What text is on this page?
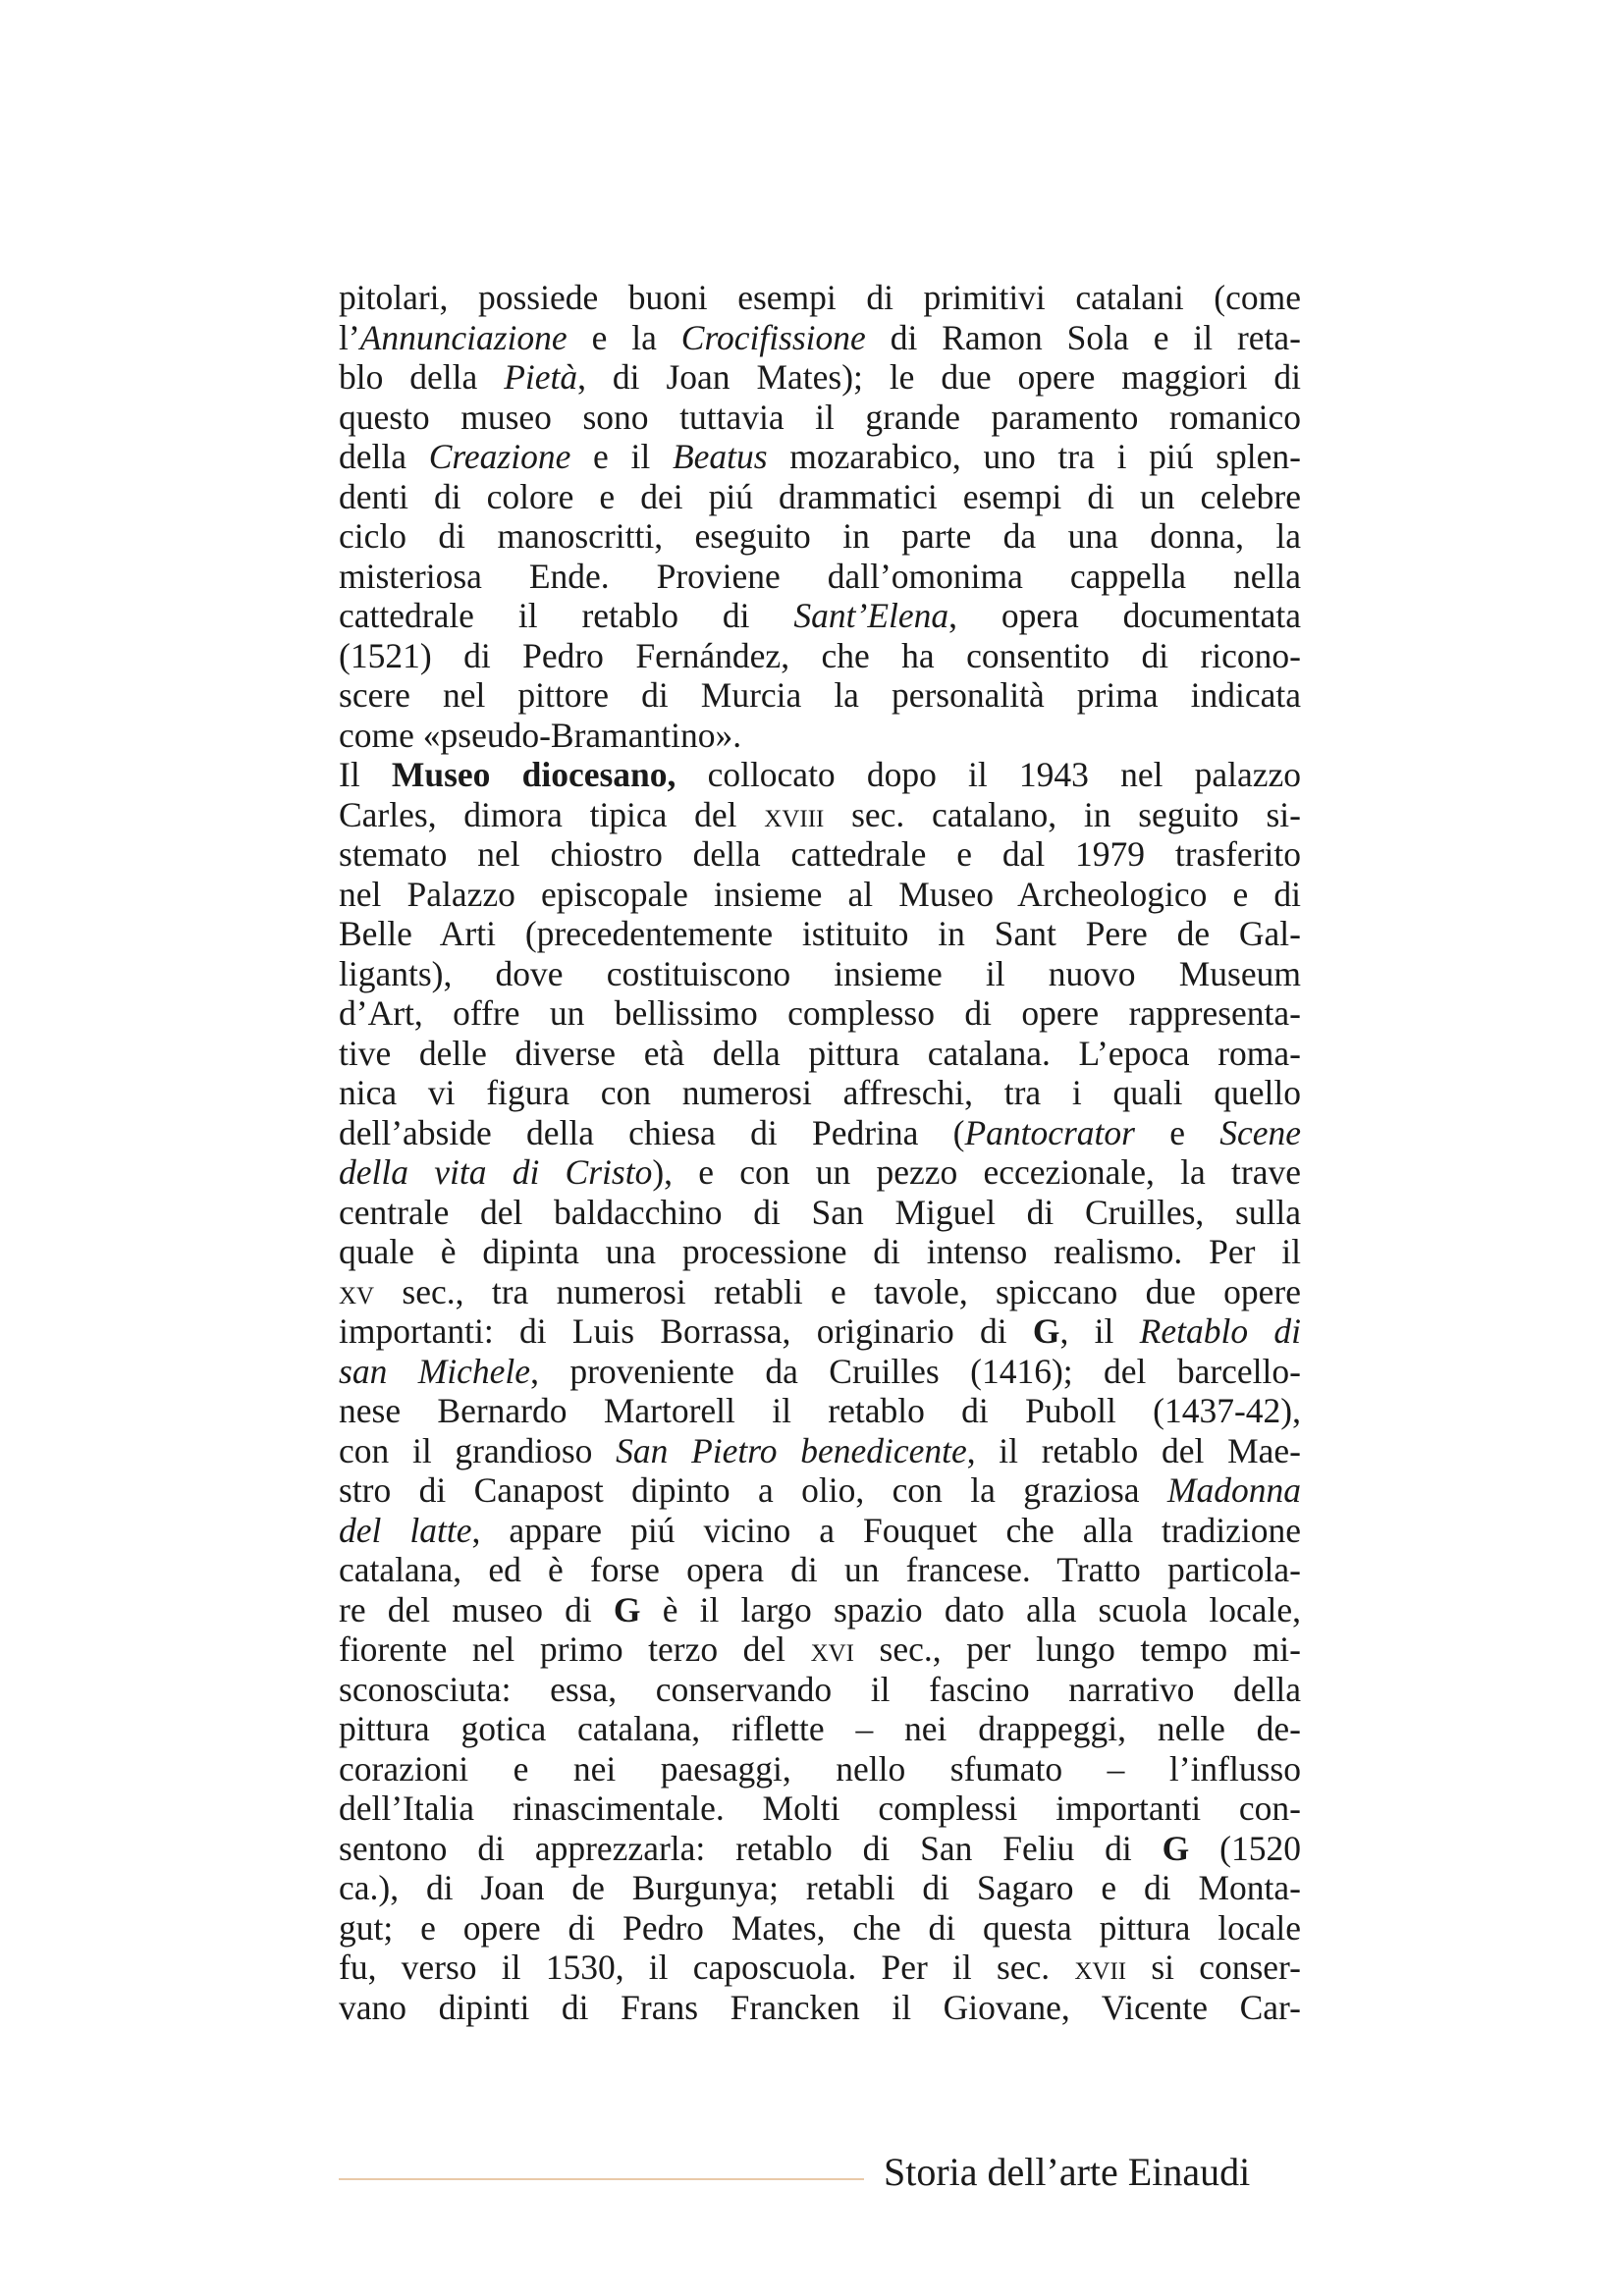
pitolari, possiede buoni esempi di primitivi catalani (come
l’Annunciazione e la Crocifissione di Ramon Sola e il reta-
blo della Pietà, di Joan Mates); le due opere maggiori di
questo museo sono tuttavia il grande paramento romanico
della Creazione e il Beatus mozarabico, uno tra i piú splen-
denti di colore e dei piú drammatici esempi di un celebre
ciclo di manoscritti, eseguito in parte da una donna, la
misteriosa Ende. Proviene dall’omonima cappella nella
cattedrale il retablo di Sant’Elena, opera documentata
(1521) di Pedro Fernández, che ha consentito di ricono-
scere nel pittore di Murcia la personalità prima indicata
come «pseudo-Bramantino».
Il Museo diocesano, collocato dopo il 1943 nel palazzo
Carles, dimora tipica del xviii sec. catalano, in seguito si-
stemato nel chiostro della cattedrale e dal 1979 trasferito
nel Palazzo episcopale insieme al Museo Archeologico e di
Belle Arti (precedentemente istituito in Sant Pere de Gal-
ligants), dove costituiscono insieme il nuovo Museum
d’Art, offre un bellissimo complesso di opere rappresenta-
tive delle diverse età della pittura catalana. L’epoca roma-
nica vi figura con numerosi affreschi, tra i quali quello
dell’abside della chiesa di Pedrina (Pantocrator e Scene
della vita di Cristo), e con un pezzo eccezionale, la trave
centrale del baldacchino di San Miguel di Cruilles, sulla
quale è dipinta una processione di intenso realismo. Per il
xv sec., tra numerosi retabli e tavole, spiccano due opere
importanti: di Luis Borrassa, originario di G, il Retablo di
san Michele, proveniente da Cruilles (1416); del barcello-
nese Bernardo Martorell il retablo di Puboll (1437-42),
con il grandioso San Pietro benedicente, il retablo del Mae-
stro di Canapost dipinto a olio, con la graziosa Madonna
del latte, appare piú vicino a Fouquet che alla tradizione
catalana, ed è forse opera di un francese. Tratto particola-
re del museo di G è il largo spazio dato alla scuola locale,
fiorente nel primo terzo del xvi sec., per lungo tempo mi-
sconosciuta: essa, conservando il fascino narrativo della
pittura gotica catalana, riflette – nei drappeggi, nelle de-
corazioni e nei paesaggi, nello sfumato – l’influsso
dell’Italia rinascimentale. Molti complessi importanti con-
sentono di apprezzarla: retablo di San Feliu di G (1520
ca.), di Joan de Burgunya; retabli di Sagaro e di Monta-
gut; e opere di Pedro Mates, che di questa pittura locale
fu, verso il 1530, il caposcuola. Per il sec. xvii si conser-
vano dipinti di Frans Francken il Giovane, Vicente Car-
Storia dell’arte Einaudi
